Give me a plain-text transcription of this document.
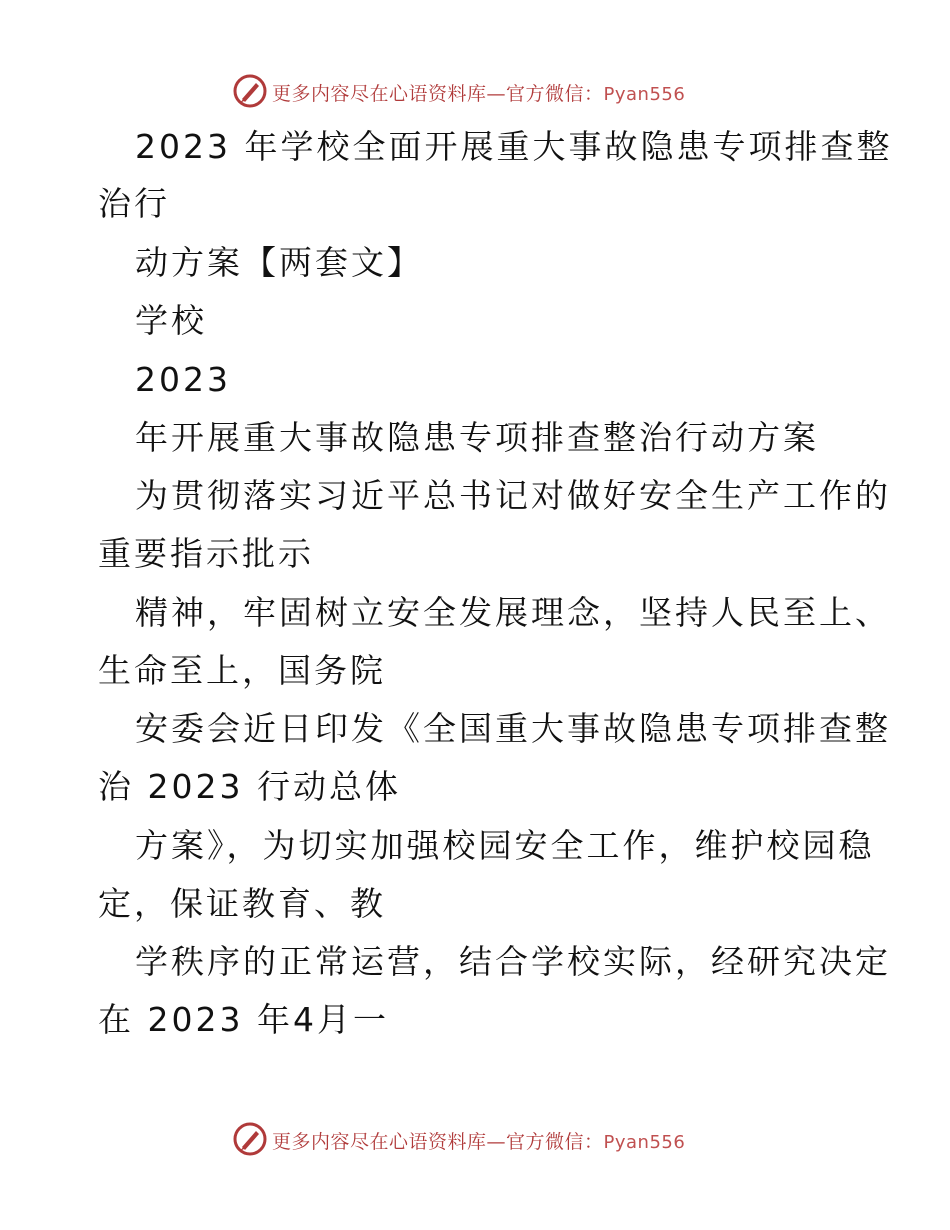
更多内容尽在心语资料库—官方微信：Pyan556
2023 年学校全面开展重大事故隐患专项排查整
治行
动方案【两套文】
学校
2023
年开展重大事故隐患专项排查整治行动方案
为贯彻落实习近平总书记对做好安全生产工作的
重要指示批示
精神，牢固树立安全发展理念，坚持人民至上、
生命至上，国务院
安委会近日印发《全国重大事故隐患专项排查整
治 2023 行动总体
方案》，为切实加强校园安全工作，维护校园稳
定，保证教育、教
学秩序的正常运营，结合学校实际，经研究决定
在 2023 年4月一
更多内容尽在心语资料库—官方微信：Pyan556
